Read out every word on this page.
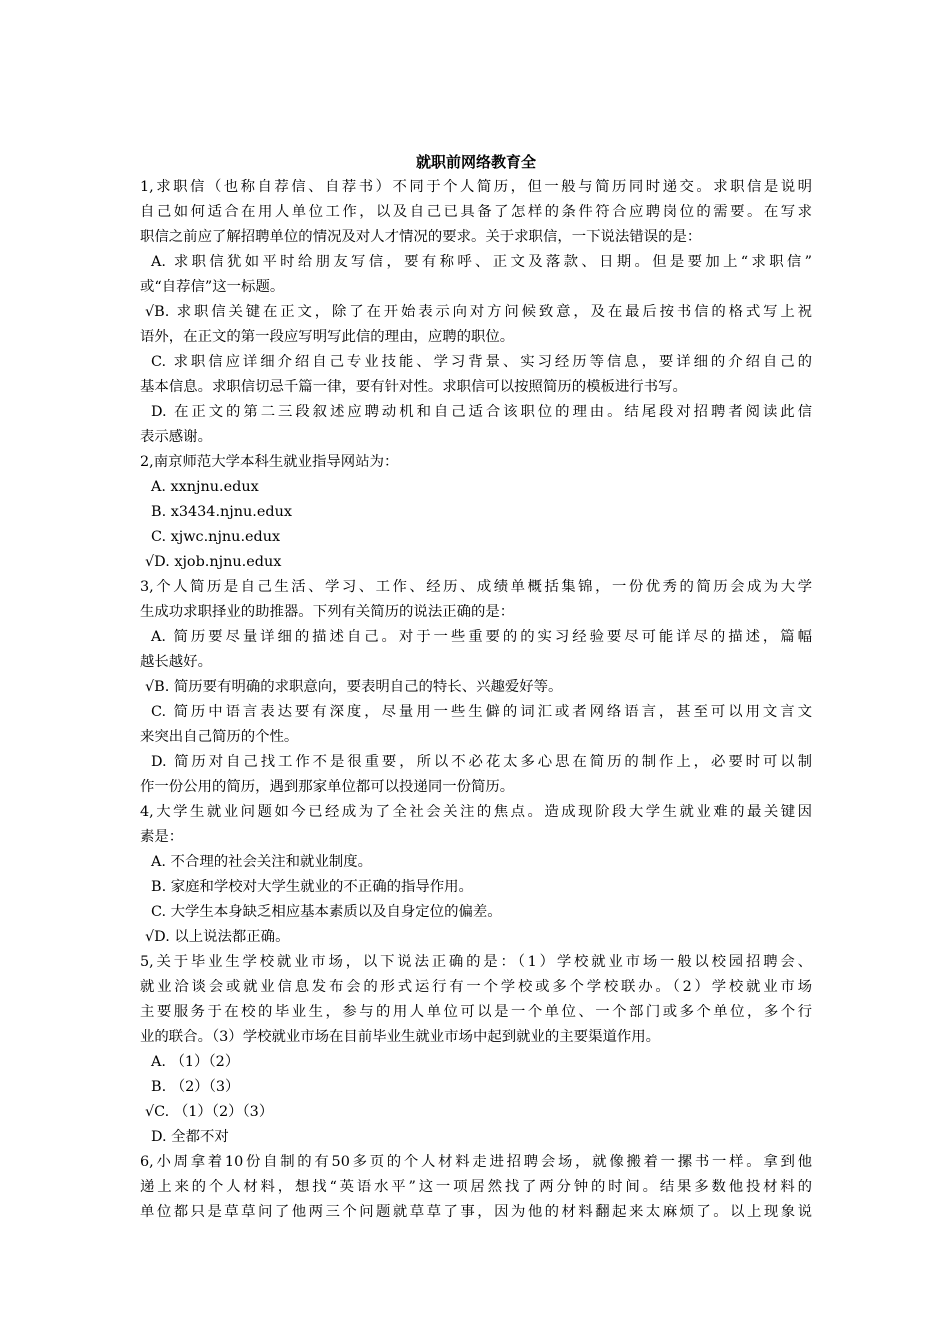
就职前网络教育全
1,求职信（也称自荐信、自荐书）不同于个人简历，但一般与简历同时递交。求职信是说明
自己如何适合在用人单位工作，以及自己已具备了怎样的条件符合应聘岗位的需要。在写求
职信之前应了解招聘单位的情况及对人才情况的要求。关于求职信，一下说法错误的是：
A. 求职信犹如平时给朋友写信，要有称呼、正文及落款、日期。但是要加上“求职信”
或“自荐信”这一标题。
√B. 求职信关键在正文，除了在开始表示向对方问候致意，及在最后按书信的格式写上祝
语外，在正文的第一段应写明写此信的理由，应聘的职位。
C. 求职信应详细介绍自己专业技能、学习背景、实习经历等信息，要详细的介绍自己的
基本信息。求职信切忌千篇一律，要有针对性。求职信可以按照简历的模板进行书写。
D. 在正文的第二三段叙述应聘动机和自己适合该职位的理由。结尾段对招聘者阅读此信
表示感谢。
2,南京师范大学本科生就业指导网站为：
A. xxnjnu.edux
B. x3434.njnu.edux
C. xjwc.njnu.edux
√D. xjob.njnu.edux
3,个人简历是自己生活、学习、工作、经历、成绩单概括集锦，一份优秀的简历会成为大学
生成功求职择业的助推器。下列有关简历的说法正确的是：
A. 简历要尽量详细的描述自己。对于一些重要的的实习经验要尽可能详尽的描述，篇幅
越长越好。
√B. 简历要有明确的求职意向，要表明自己的特长、兴趣爱好等。
C. 简历中语言表达要有深度，尽量用一些生僻的词汇或者网络语言，甚至可以用文言文
来突出自己简历的个性。
D. 简历对自己找工作不是很重要，所以不必花太多心思在简历的制作上，必要时可以制
作一份公用的简历，遇到那家单位都可以投递同一份简历。
4,大学生就业问题如今已经成为了全社会关注的焦点。造成现阶段大学生就业难的最关键因
素是：
A. 不合理的社会关注和就业制度。
B. 家庭和学校对大学生就业的不正确的指导作用。
C. 大学生本身缺乏相应基本素质以及自身定位的偏差。
√D. 以上说法都正确。
5,关于毕业生学校就业市场，以下说法正确的是：（1）学校就业市场一般以校园招聘会、
就业洽谈会或就业信息发布会的形式运行有一个学校或多个学校联办。（2）学校就业市场
主要服务于在校的毕业生，参与的用人单位可以是一个单位、一个部门或多个单位，多个行
业的联合。（3）学校就业市场在目前毕业生就业市场中起到就业的主要渠道作用。
A. （1）（2）
B. （2）（3）
√C. （1）（2）（3）
D. 全都不对
6,小周拿着10份自制的有50多页的个人材料走进招聘会场，就像搬着一摞书一样。拿到他
递上来的个人材料，想找“英语水平”这一项居然找了两分钟的时间。结果多数他投材料的
单位都只是草草问了他两三个问题就草草了事，因为他的材料翻起来太麻烦了。以上现象说
